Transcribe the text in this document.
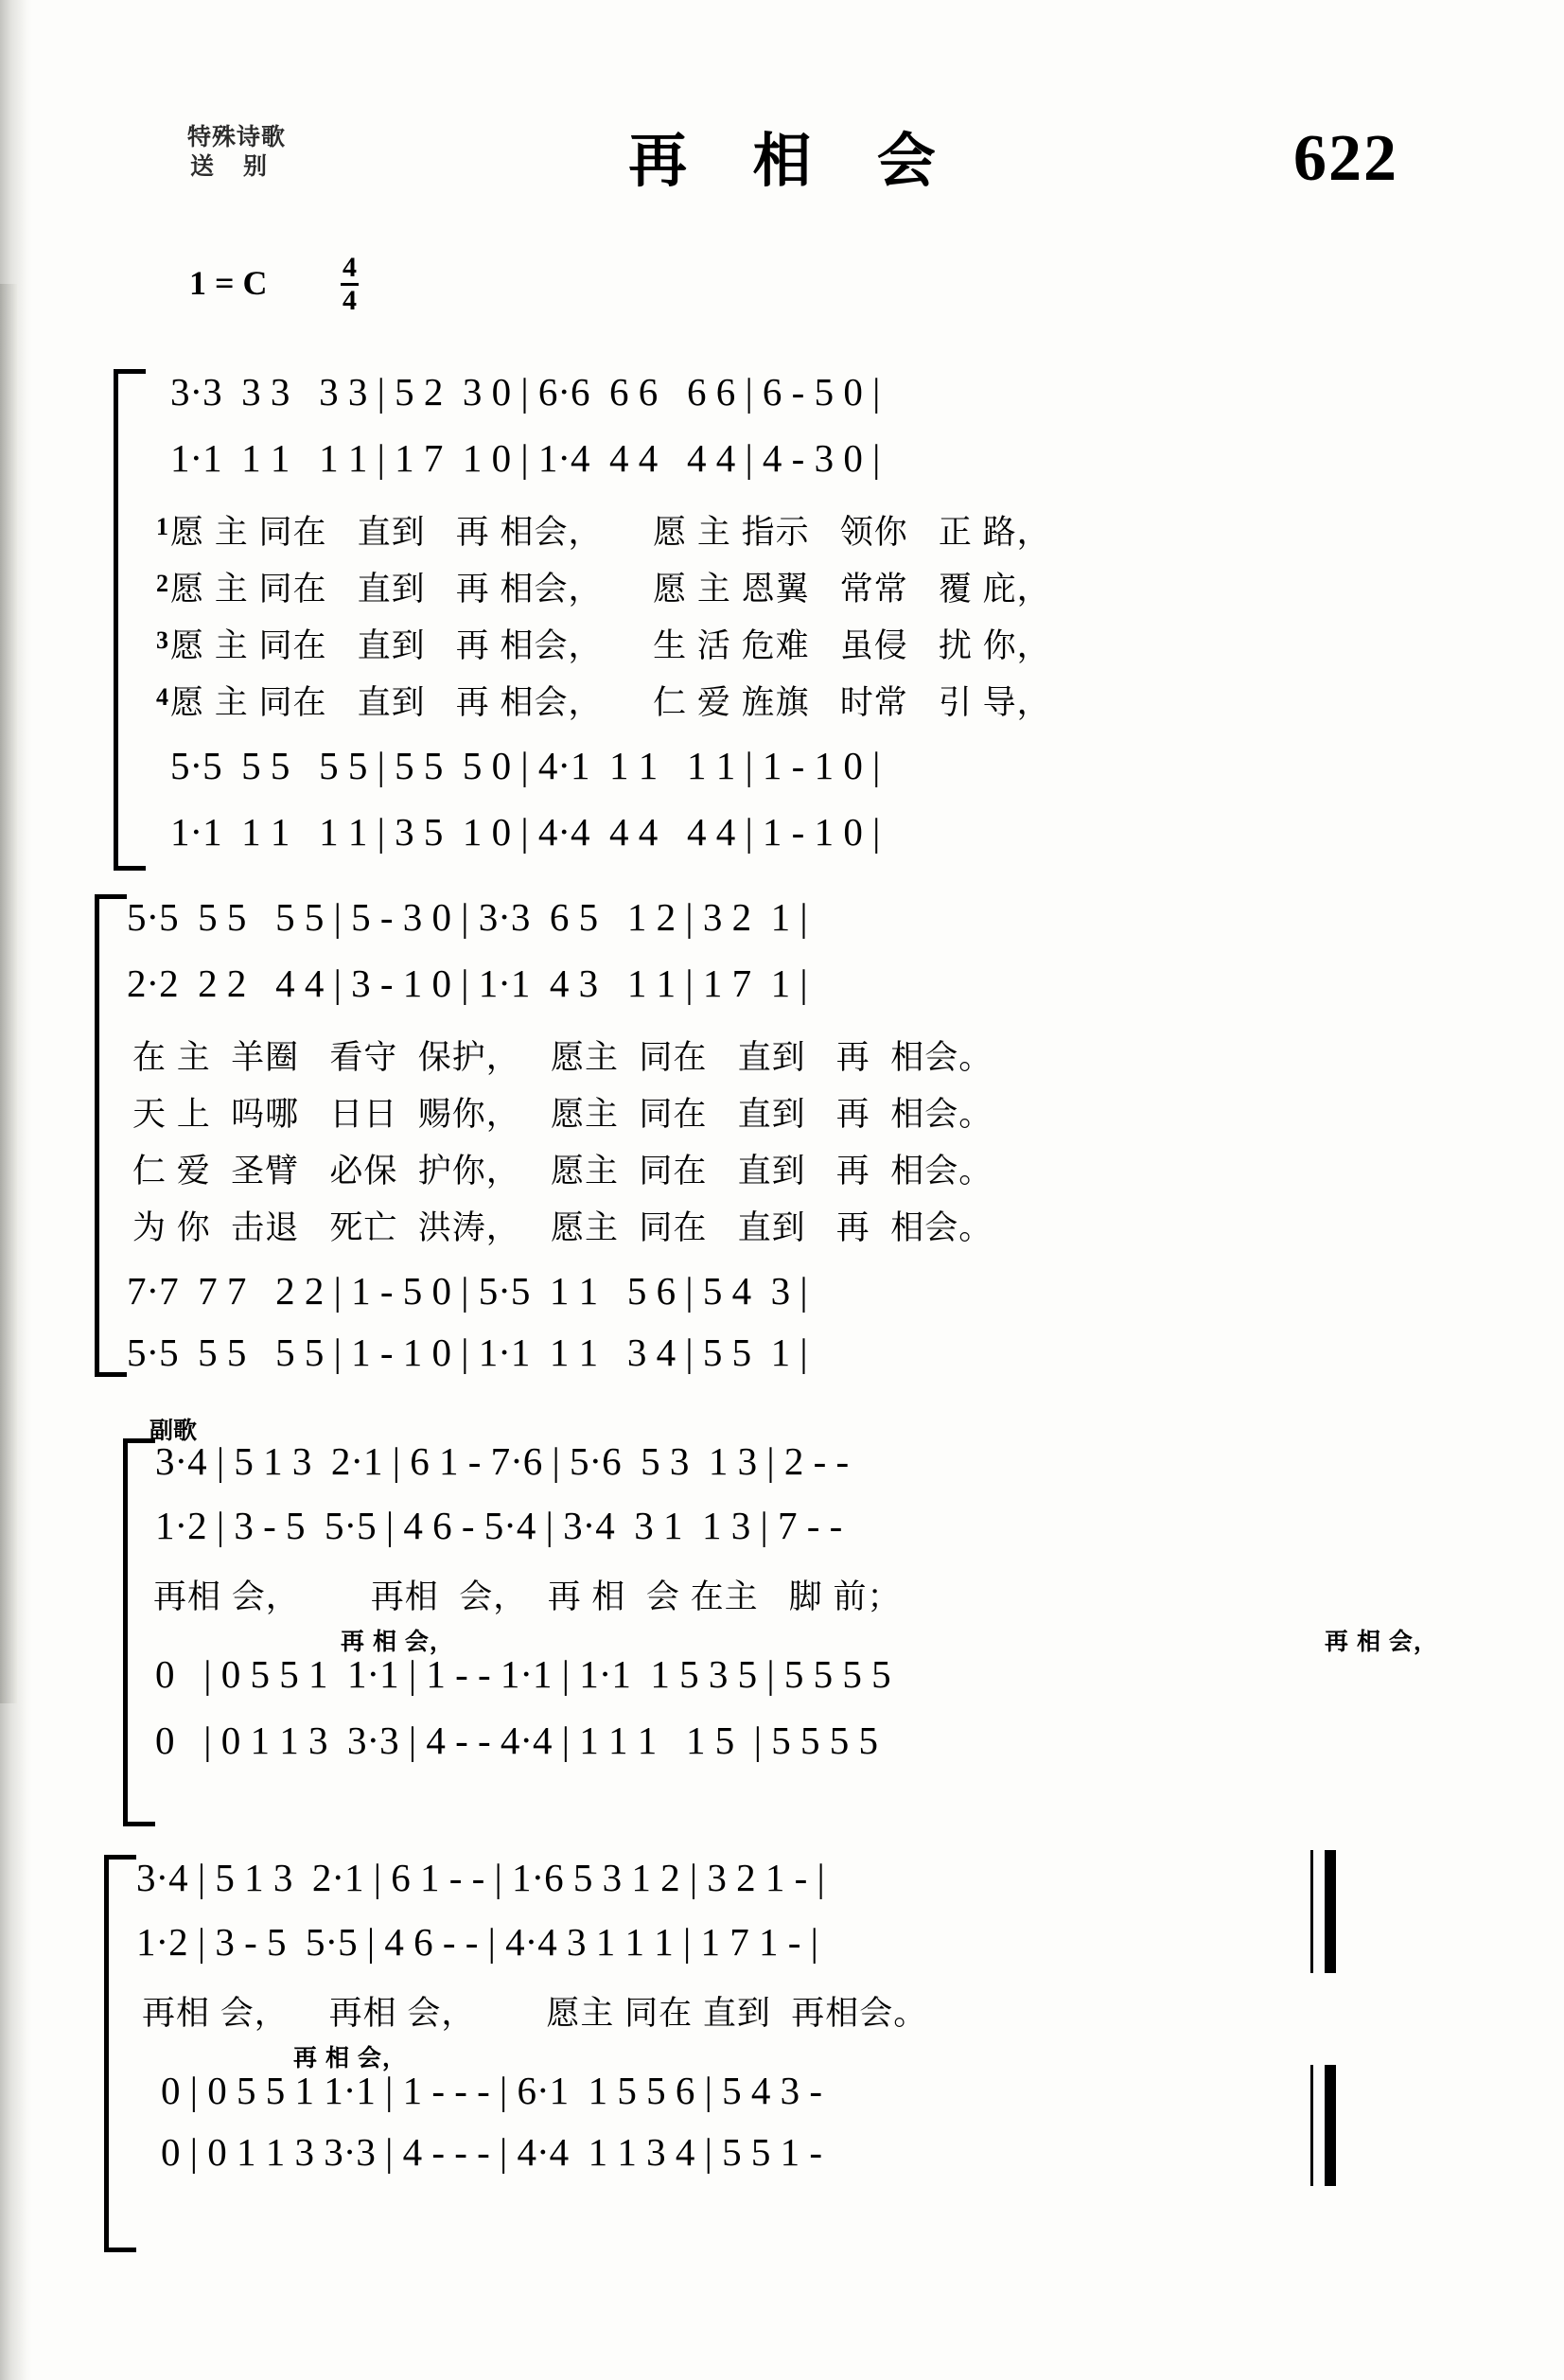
特殊诗歌
送 别	再 相 会	622
1 = C	$\frac{4}{4}$
3·3  3 3   3 3 | 5 2  3 0 | 6·6  6 6   6 6 | 6 - 5 0 |
1·1  1 1   1 1 | 1 7  1 0 | 1·4  4 4   4 4 | 4 - 3 0 |
1
2
3
4
愿 主 同在   直到   再 相会，     愿 主 指示   领你   正 路，
愿 主 同在   直到   再 相会，     愿 主 恩翼   常常   覆 庇，
愿 主 同在   直到   再 相会，     生 活 危难   虽侵   扰 你，
愿 主 同在   直到   再 相会，     仁 爱 旌旗   时常   引 导，
5·5  5 5   5 5 | 5 5  5 0 | 4·1  1 1   1 1 | 1 - 1 0 |
1·1  1 1   1 1 | 3 5  1 0 | 4·4  4 4   4 4 | 1 - 1 0 |
5·5  5 5   5 5 | 5 - 3 0 | 3·3  6 5   1 2 | 3 2  1 |
2·2  2 2   4 4 | 3 - 1 0 | 1·1  4 3   1 1 | 1 7  1 |
在 主  羊圈   看守  保护，   愿主  同在   直到   再  相会。
天 上  吗哪   日日  赐你，   愿主  同在   直到   再  相会。
仁 爱  圣臂   必保  护你，   愿主  同在   直到   再  相会。
为 你  击退   死亡  洪涛，   愿主  同在   直到   再  相会。
7·7  7 7   2 2 | 1 - 5 0 | 5·5  1 1   5 6 | 5 4  3 |
5·5  5 5   5 5 | 1 - 1 0 | 1·1  1 1   3 4 | 5 5  1 |
副歌
3·4 | 5 1 3  2·1 | 6 1 - 7·6 | 5·6  5 3  1 3 | 2 - -
1·2 | 3 - 5  5·5 | 4 6 - 5·4 | 3·4  3 1  1 3 | 7 - -
再相 会，       再相  会，  再 相  会 在主   脚 前；
再 相 会，	再 相 会，
0   | 0 5 5 1  1·1 | 1 - - 1·1 | 1·1  1 5 3 5 | 5 5 5 5
0   | 0 1 1 3  3·3 | 4 - - 4·4 | 1 1 1   1 5  | 5 5 5 5
3·4 | 5 1 3  2·1 | 6 1 - - | 1·6 5 3 1 2 | 3 2 1 - |
1·2 | 3 - 5  5·5 | 4 6 - - | 4·4 3 1 1 1 | 1 7 1 - |
再相 会，    再相 会，       愿主 同在 直到  再相会。
再 相 会，
0 | 0 5 5 1 1·1 | 1 - - - | 6·1  1 5 5 6 | 5 4 3 -
0 | 0 1 1 3 3·3 | 4 - - - | 4·4  1 1 3 4 | 5 5 1 -
